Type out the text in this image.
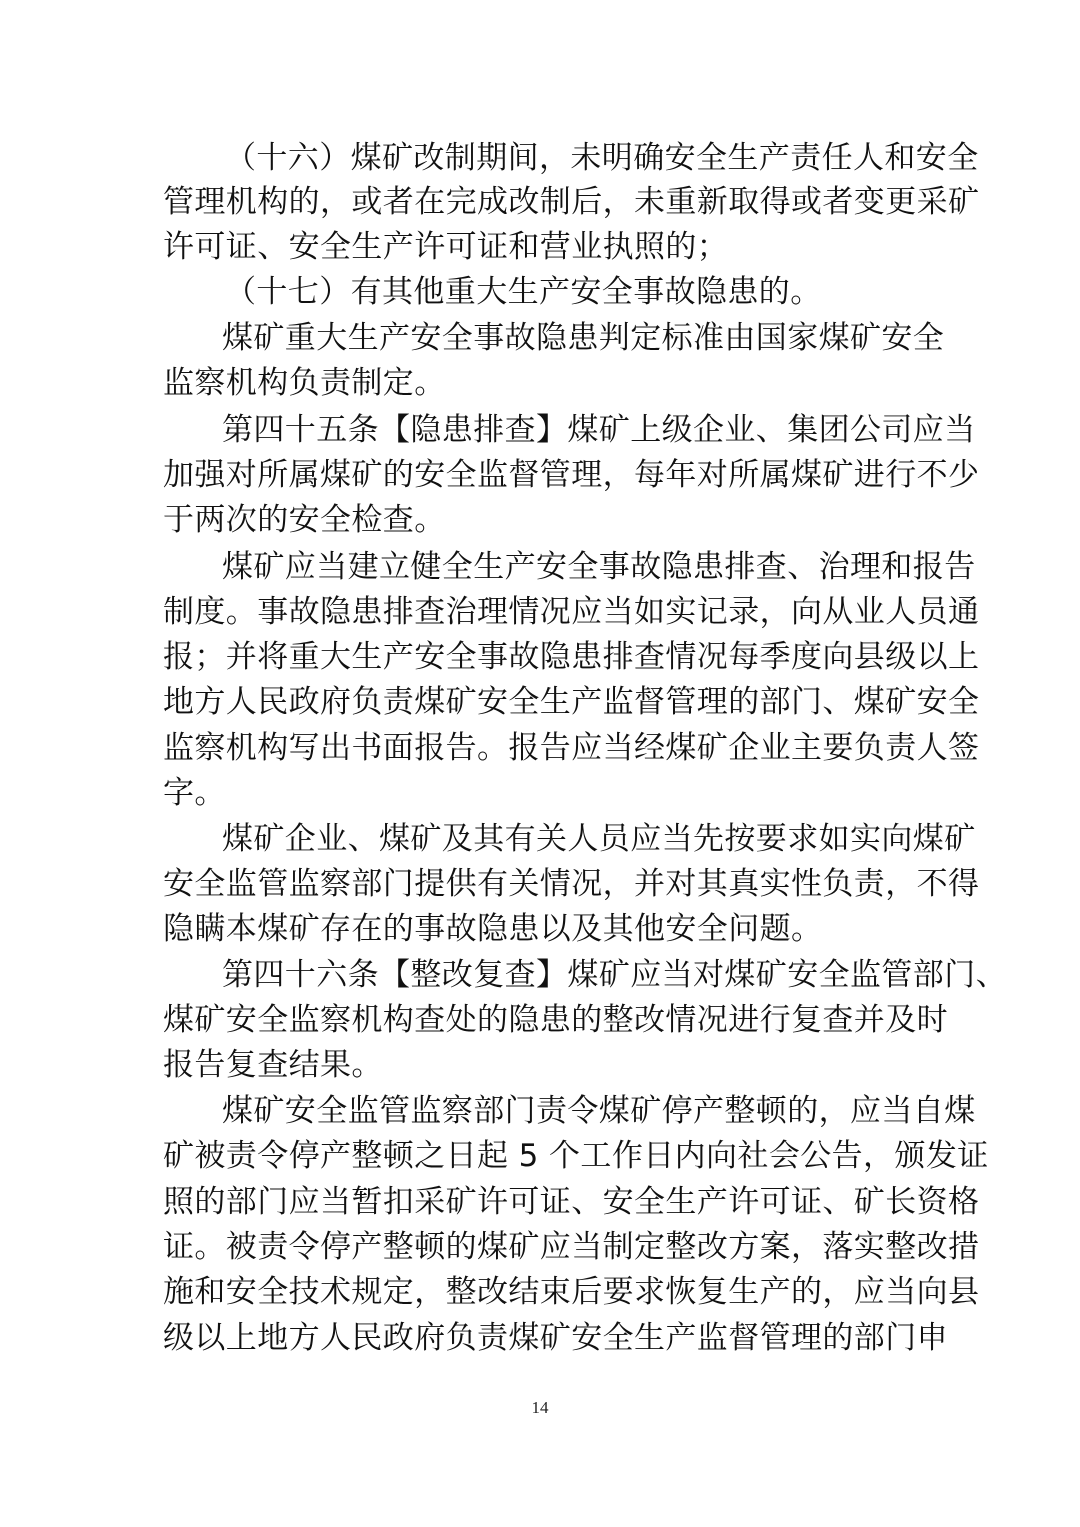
（十六）煤矿改制期间，未明确安全生产责任人和安全
管理机构的，或者在完成改制后，未重新取得或者变更采矿
许可证、安全生产许可证和营业执照的；
（十七）有其他重大生产安全事故隐患的。
煤矿重大生产安全事故隐患判定标准由国家煤矿安全
监察机构负责制定。
第四十五条【隐患排查】煤矿上级企业、集团公司应当
加强对所属煤矿的安全监督管理，每年对所属煤矿进行不少
于两次的安全检查。
煤矿应当建立健全生产安全事故隐患排查、治理和报告
制度。事故隐患排查治理情况应当如实记录，向从业人员通
报；并将重大生产安全事故隐患排查情况每季度向县级以上
地方人民政府负责煤矿安全生产监督管理的部门、煤矿安全
监察机构写出书面报告。报告应当经煤矿企业主要负责人签
字。
煤矿企业、煤矿及其有关人员应当先按要求如实向煤矿
安全监管监察部门提供有关情况，并对其真实性负责，不得
隐瞒本煤矿存在的事故隐患以及其他安全问题。
第四十六条【整改复查】煤矿应当对煤矿安全监管部门、
煤矿安全监察机构查处的隐患的整改情况进行复查并及时
报告复查结果。
煤矿安全监管监察部门责令煤矿停产整顿的，应当自煤
矿被责令停产整顿之日起 5 个工作日内向社会公告，颁发证
照的部门应当暂扣采矿许可证、安全生产许可证、矿长资格
证。被责令停产整顿的煤矿应当制定整改方案，落实整改措
施和安全技术规定，整改结束后要求恢复生产的，应当向县
级以上地方人民政府负责煤矿安全生产监督管理的部门申
14
